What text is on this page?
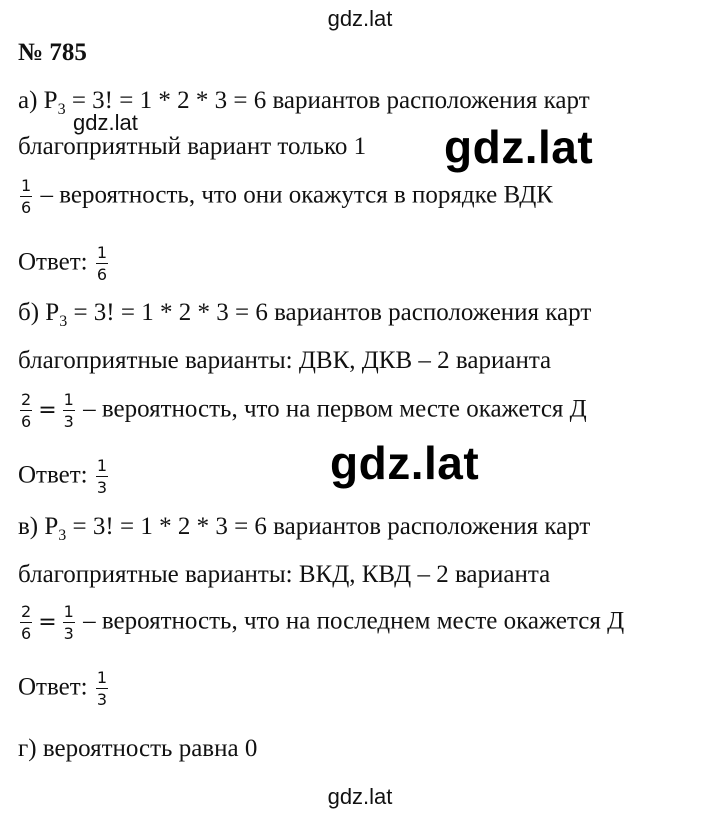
gdz.lat
№ 785
а) $P_3 = 3$! = 1 * 2 * 3 = 6 вариантов расположения карт
благоприятный вариант только 1
$\frac{1}{6}$ – вероятность, что они окажутся в порядке ВДК
Ответ: $\frac{1}{6}$
б) $P_3 = 3$! = 1 * 2 * 3 = 6 вариантов расположения карт
благоприятные варианты: ДВК, ДКВ – 2 варианта
$\frac{2}{6} = \frac{1}{3}$ – вероятность, что на первом месте окажется Д
Ответ: $\frac{1}{3}$
в) $P_3 = 3$! = 1 * 2 * 3 = 6 вариантов расположения карт
благоприятные варианты: ВКД, КВД – 2 варианта
$\frac{2}{6} = \frac{1}{3}$ – вероятность, что на последнем месте окажется Д
Ответ: $\frac{1}{3}$
г) вероятность равна 0
gdz.lat	gdz.lat
gdz.lat
gdz.lat
